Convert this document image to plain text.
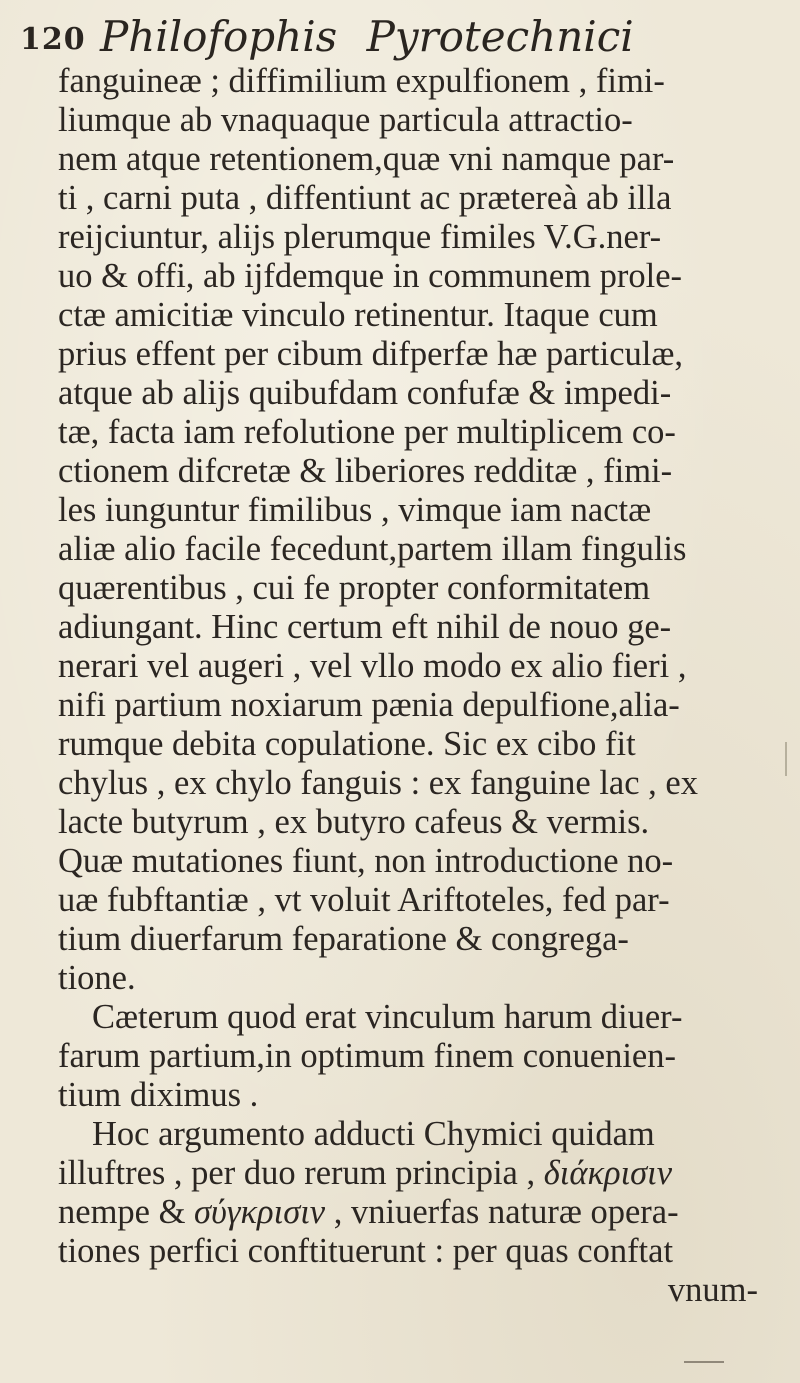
120 Philofophis Pyrotechnici
fanguineæ ; diffimilium expulfionem , fimi-
liumque ab vnaquaque particula attractio-
nem atque retentionem,quæ vni namque par-
ti , carni puta , diffentiunt ac prætereà ab illa
reijciuntur, alijs plerumque fimiles V.G.ner-
uo & offi, ab ijfdemque in communem prole-
ctæ amicitiæ vinculo retinentur. Itaque cum
prius effent per cibum difperfæ hæ particulæ,
atque ab alijs quibufdam confufæ & impedi-
tæ, facta iam refolutione per multiplicem co-
ctionem difcretæ & liberiores redditæ , fimi-
les iunguntur fimilibus , vimque iam nactæ
aliæ alio facile fecedunt,partem illam fingulis
quærentibus , cui fe propter conformitatem
adiungant. Hinc certum eft nihil de nouo ge-
nerari vel augeri , vel vllo modo ex alio fieri ,
nifi partium noxiarum pænia depulfione,alia-
rumque debita copulatione. Sic ex cibo fit
chylus , ex chylo fanguis : ex fanguine lac , ex
lacte butyrum , ex butyro cafeus & vermis.
Quæ mutationes fiunt, non introductione no-
uæ fubftantiæ , vt voluit Ariftoteles, fed par-
tium diuerfarum feparatione & congrega-
tione.
Cæterum quod erat vinculum harum diuer-
farum partium,in optimum finem conuenien-
tium diximus .
Hoc argumento adducti Chymici quidam
illuftres , per duo rerum principia , διάκρισιν
nempe & σύγκρισιν , vniuerfas naturæ opera-
tiones perfici conftituerunt : per quas conftat
vnum-
